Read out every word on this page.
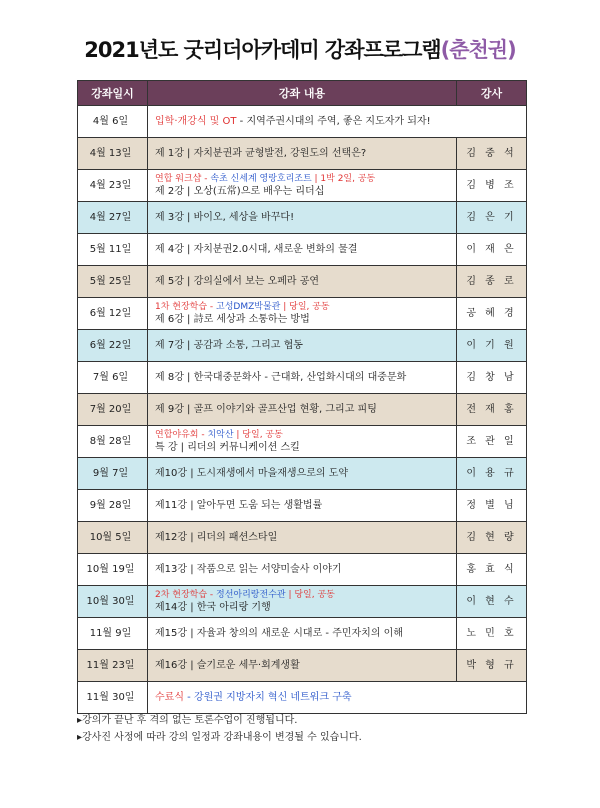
2021년도 굿리더아카데미 강좌프로그램(춘천권)
강좌일시	강좌 내용	강사
4월 6일	입학·개강식 및 OT - 지역주권시대의 주역, 좋은 지도자가 되자!	
4월 13일	제 1강 | 자치분권과 균형발전, 강원도의 선택은?	김 중 석
4월 23일	연합 워크샵 - 속초 신세계 영랑호리조트 | 1박 2일, 공동
제 2강 | 오상(五常)으로 배우는 리더십	김 병 조
4월 27일	제 3강 | 바이오, 세상을 바꾸다!	김 은 기
5월 11일	제 4강 | 자치분권2.0시대, 새로운 변화의 물결	이 재 은
5월 25일	제 5강 | 강의실에서 보는 오페라 공연	김 종 로
6월 12일	1차 현장학습 - 고성DMZ박물관 | 당일, 공동
제 6강 | 詩로 세상과 소통하는 방법	공 혜 경
6월 22일	제 7강 | 공감과 소통, 그리고 협동	이 기 원
7월 6일	제 8강 | 한국대중문화사 - 근대화, 산업화시대의 대중문화	김 창 남
7월 20일	제 9강 | 골프 이야기와 골프산업 현황, 그리고 피팅	전 재 홍
8월 28일	연합야유회 - 치악산 | 당일, 공동
특 강 | 리더의 커뮤니케이션 스킬	조 관 일
9월 7일	제10강 | 도시재생에서 마을재생으로의 도약	이 용 규
9월 28일	제11강 | 알아두면 도움 되는 생활법률	정 별 님
10월 5일	제12강 | 리더의 패션스타일	김 현 량
10월 19일	제13강 | 작품으로 읽는 서양미술사 이야기	홍 효 식
10월 30일	2차 현장학습 - 정선아리랑전수관 | 당일, 공동
제14강 | 한국 아리랑 기행	이 현 수
11월 9일	제15강 | 자율과 창의의 새로운 시대로 - 주민자치의 이해	노 민 호
11월 23일	제16강 | 슬기로운 세무·회계생활	박 형 규
11월 30일	수료식 - 강원권 지방자치 혁신 네트워크 구축	
▸강의가 끝난 후 격의 없는 토론수업이 진행됩니다.
▸강사진 사정에 따라 강의 일정과 강좌내용이 변경될 수 있습니다.
